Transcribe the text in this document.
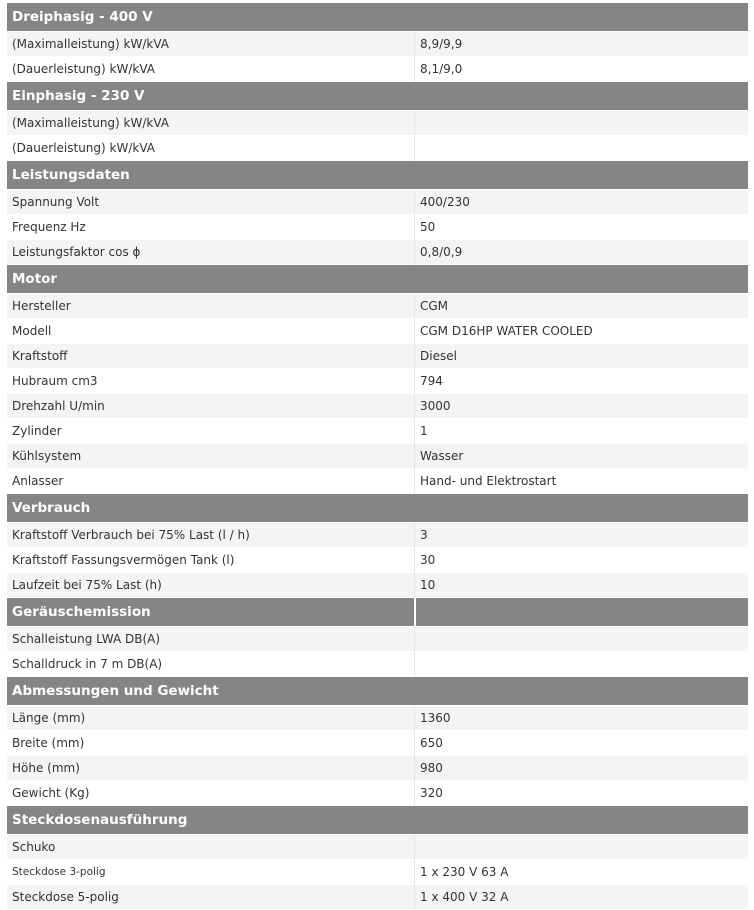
Dreiphasig - 400 V	
(Maximalleistung) kW/kVA	8,9/9,9
(Dauerleistung) kW/kVA	8,1/9,0
Einphasig - 230 V	
(Maximalleistung) kW/kVA	
(Dauerleistung) kW/kVA	
Leistungsdaten	
Spannung Volt	400/230
Frequenz Hz	50
Leistungsfaktor cos ϕ	0,8/0,9
Motor	
Hersteller	CGM
Modell	CGM D16HP WATER COOLED
Kraftstoff	Diesel
Hubraum cm3	794
Drehzahl U/min	3000
Zylinder	1
Kühlsystem	Wasser
Anlasser	Hand- und Elektrostart
Verbrauch	
Kraftstoff Verbrauch bei 75% Last (l / h)	3
Kraftstoff Fassungsvermögen Tank (l)	30
Laufzeit bei 75% Last (h)	10
Geräuschemission	
Schalleistung LWA DB(A)	
Schalldruck in 7 m DB(A)	
Abmessungen und Gewicht	
Länge (mm)	1360
Breite (mm)	650
Höhe (mm)	980
Gewicht (Kg)	320
Steckdosenausführung	
Schuko	
Steckdose 3-polig	1 x 230 V 63 A
Steckdose 5-polig	1 x 400 V 32 A
